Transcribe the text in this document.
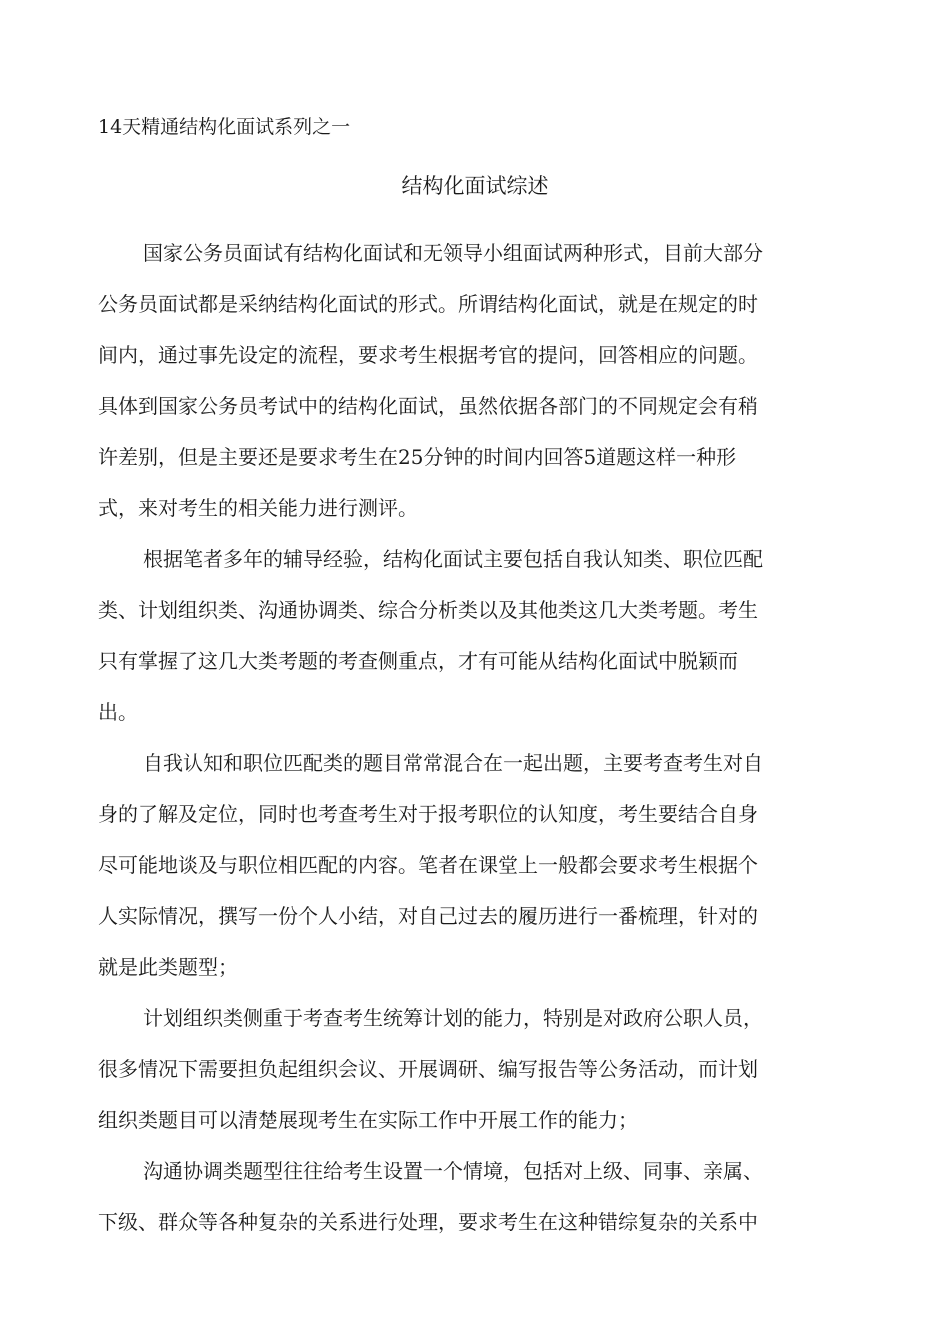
14天精通结构化面试系列之一
结构化面试综述
国家公务员面试有结构化面试和无领导小组面试两种形式，目前大部分
公务员面试都是采纳结构化面试的形式。所谓结构化面试，就是在规定的时
间内，通过事先设定的流程，要求考生根据考官的提问，回答相应的问题。
具体到国家公务员考试中的结构化面试，虽然依据各部门的不同规定会有稍
许差别，但是主要还是要求考生在25分钟的时间内回答5道题这样一种形
式，来对考生的相关能力进行测评。
根据笔者多年的辅导经验，结构化面试主要包括自我认知类、职位匹配
类、计划组织类、沟通协调类、综合分析类以及其他类这几大类考题。考生
只有掌握了这几大类考题的考查侧重点，才有可能从结构化面试中脱颖而
出。
自我认知和职位匹配类的题目常常混合在一起出题，主要考查考生对自
身的了解及定位，同时也考查考生对于报考职位的认知度，考生要结合自身
尽可能地谈及与职位相匹配的内容。笔者在课堂上一般都会要求考生根据个
人实际情况，撰写一份个人小结，对自己过去的履历进行一番梳理，针对的
就是此类题型；
计划组织类侧重于考查考生统筹计划的能力，特别是对政府公职人员，
很多情况下需要担负起组织会议、开展调研、编写报告等公务活动，而计划
组织类题目可以清楚展现考生在实际工作中开展工作的能力；
沟通协调类题型往往给考生设置一个情境，包括对上级、同事、亲属、
下级、群众等各种复杂的关系进行处理，要求考生在这种错综复杂的关系中
